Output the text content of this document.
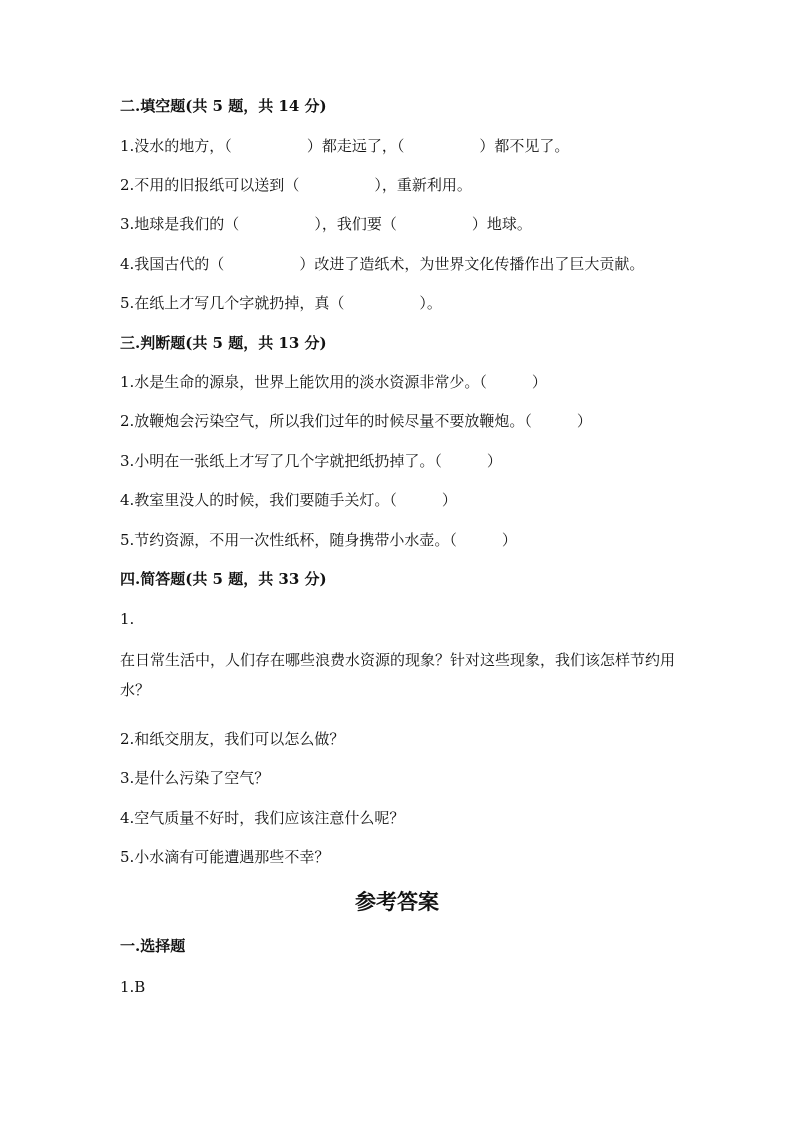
二.填空题(共 5 题，共 14 分)
1.没水的地方，（　　　　　）都走远了，（　　　　　）都不见了。
2.不用的旧报纸可以送到（　　　　　），重新利用。
3.地球是我们的（　　　　　），我们要（　　　　　）地球。
4.我国古代的（　　　　　）改进了造纸术，为世界文化传播作出了巨大贡献。
5.在纸上才写几个字就扔掉，真（　　　　　）。
三.判断题(共 5 题，共 13 分)
1.水是生命的源泉，世界上能饮用的淡水资源非常少。（　　　）
2.放鞭炮会污染空气，所以我们过年的时候尽量不要放鞭炮。（　　　）
3.小明在一张纸上才写了几个字就把纸扔掉了。（　　　）
4.教室里没人的时候，我们要随手关灯。（　　　）
5.节约资源，不用一次性纸杯，随身携带小水壶。（　　　）
四.简答题(共 5 题，共 33 分)
1.
在日常生活中，人们存在哪些浪费水资源的现象？针对这些现象，我们该怎样节约用水？
2.和纸交朋友，我们可以怎么做？
3.是什么污染了空气？
4.空气质量不好时，我们应该注意什么呢？
5.小水滴有可能遭遇那些不幸？
参考答案
一.选择题
1.B
